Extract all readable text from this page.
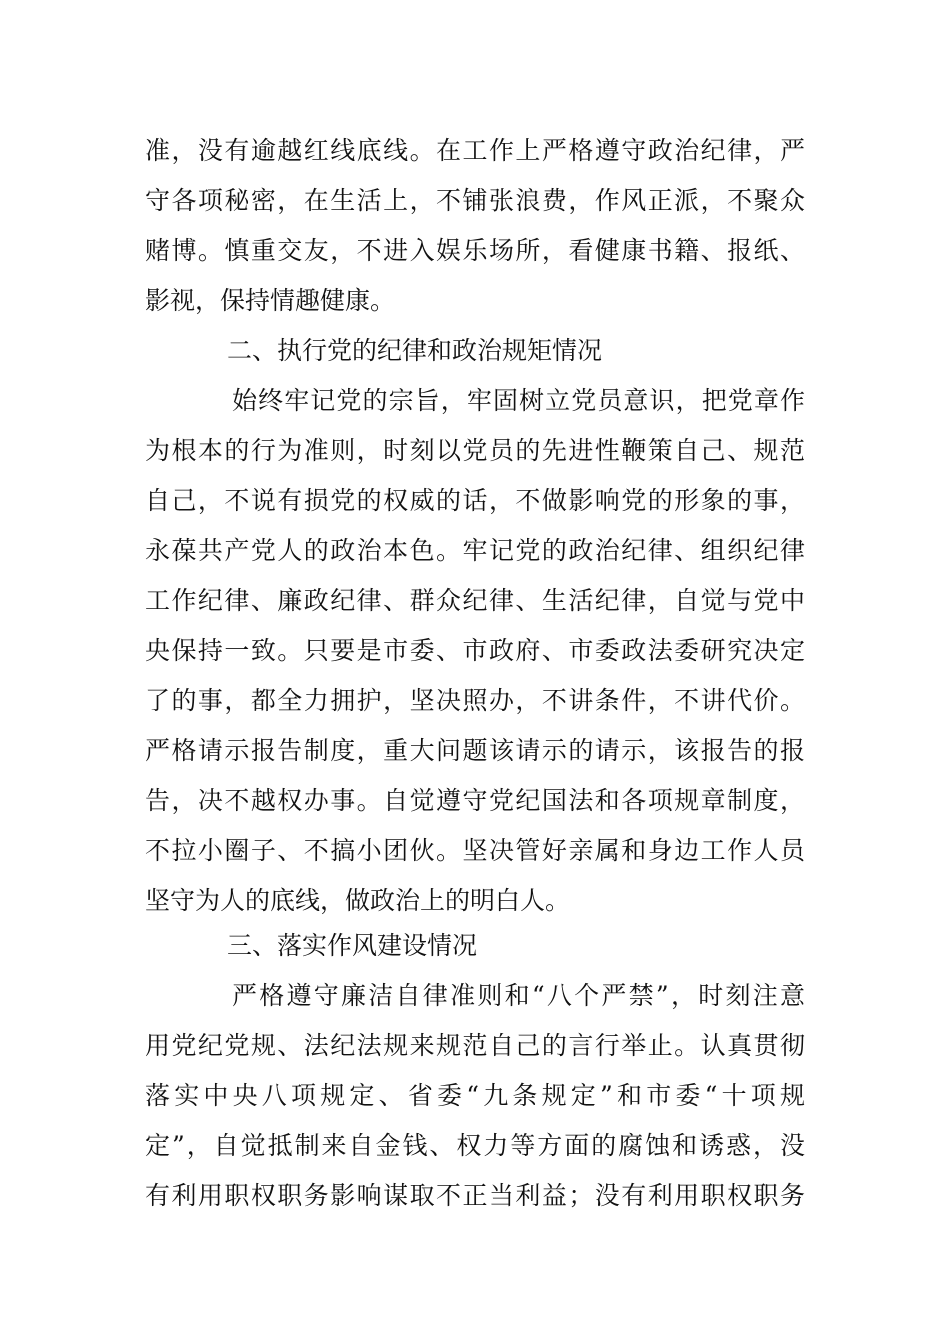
准，没有逾越红线底线。在工作上严格遵守政治纪律，严
守各项秘密，在生活上，不铺张浪费，作风正派，不聚众
赌博。慎重交友，不进入娱乐场所，看健康书籍、报纸、
影视，保持情趣健康。
二、执行党的纪律和政治规矩情况
始终牢记党的宗旨，牢固树立党员意识，把党章作
为根本的行为准则，时刻以党员的先进性鞭策自己、规范
自己，不说有损党的权威的话，不做影响党的形象的事，
永葆共产党人的政治本色。牢记党的政治纪律、组织纪律
工作纪律、廉政纪律、群众纪律、生活纪律，自觉与党中
央保持一致。只要是市委、市政府、市委政法委研究决定
了的事，都全力拥护，坚决照办，不讲条件，不讲代价。
严格请示报告制度，重大问题该请示的请示，该报告的报
告，决不越权办事。自觉遵守党纪国法和各项规章制度，
不拉小圈子、不搞小团伙。坚决管好亲属和身边工作人员
坚守为人的底线，做政治上的明白人。
三、落实作风建设情况
严格遵守廉洁自律准则和“八个严禁”，时刻注意
用党纪党规、法纪法规来规范自己的言行举止。认真贯彻
落实中央八项规定、省委“九条规定”和市委“十项规
定”，自觉抵制来自金钱、权力等方面的腐蚀和诱惑，没
有利用职权职务影响谋取不正当利益；没有利用职权职务
